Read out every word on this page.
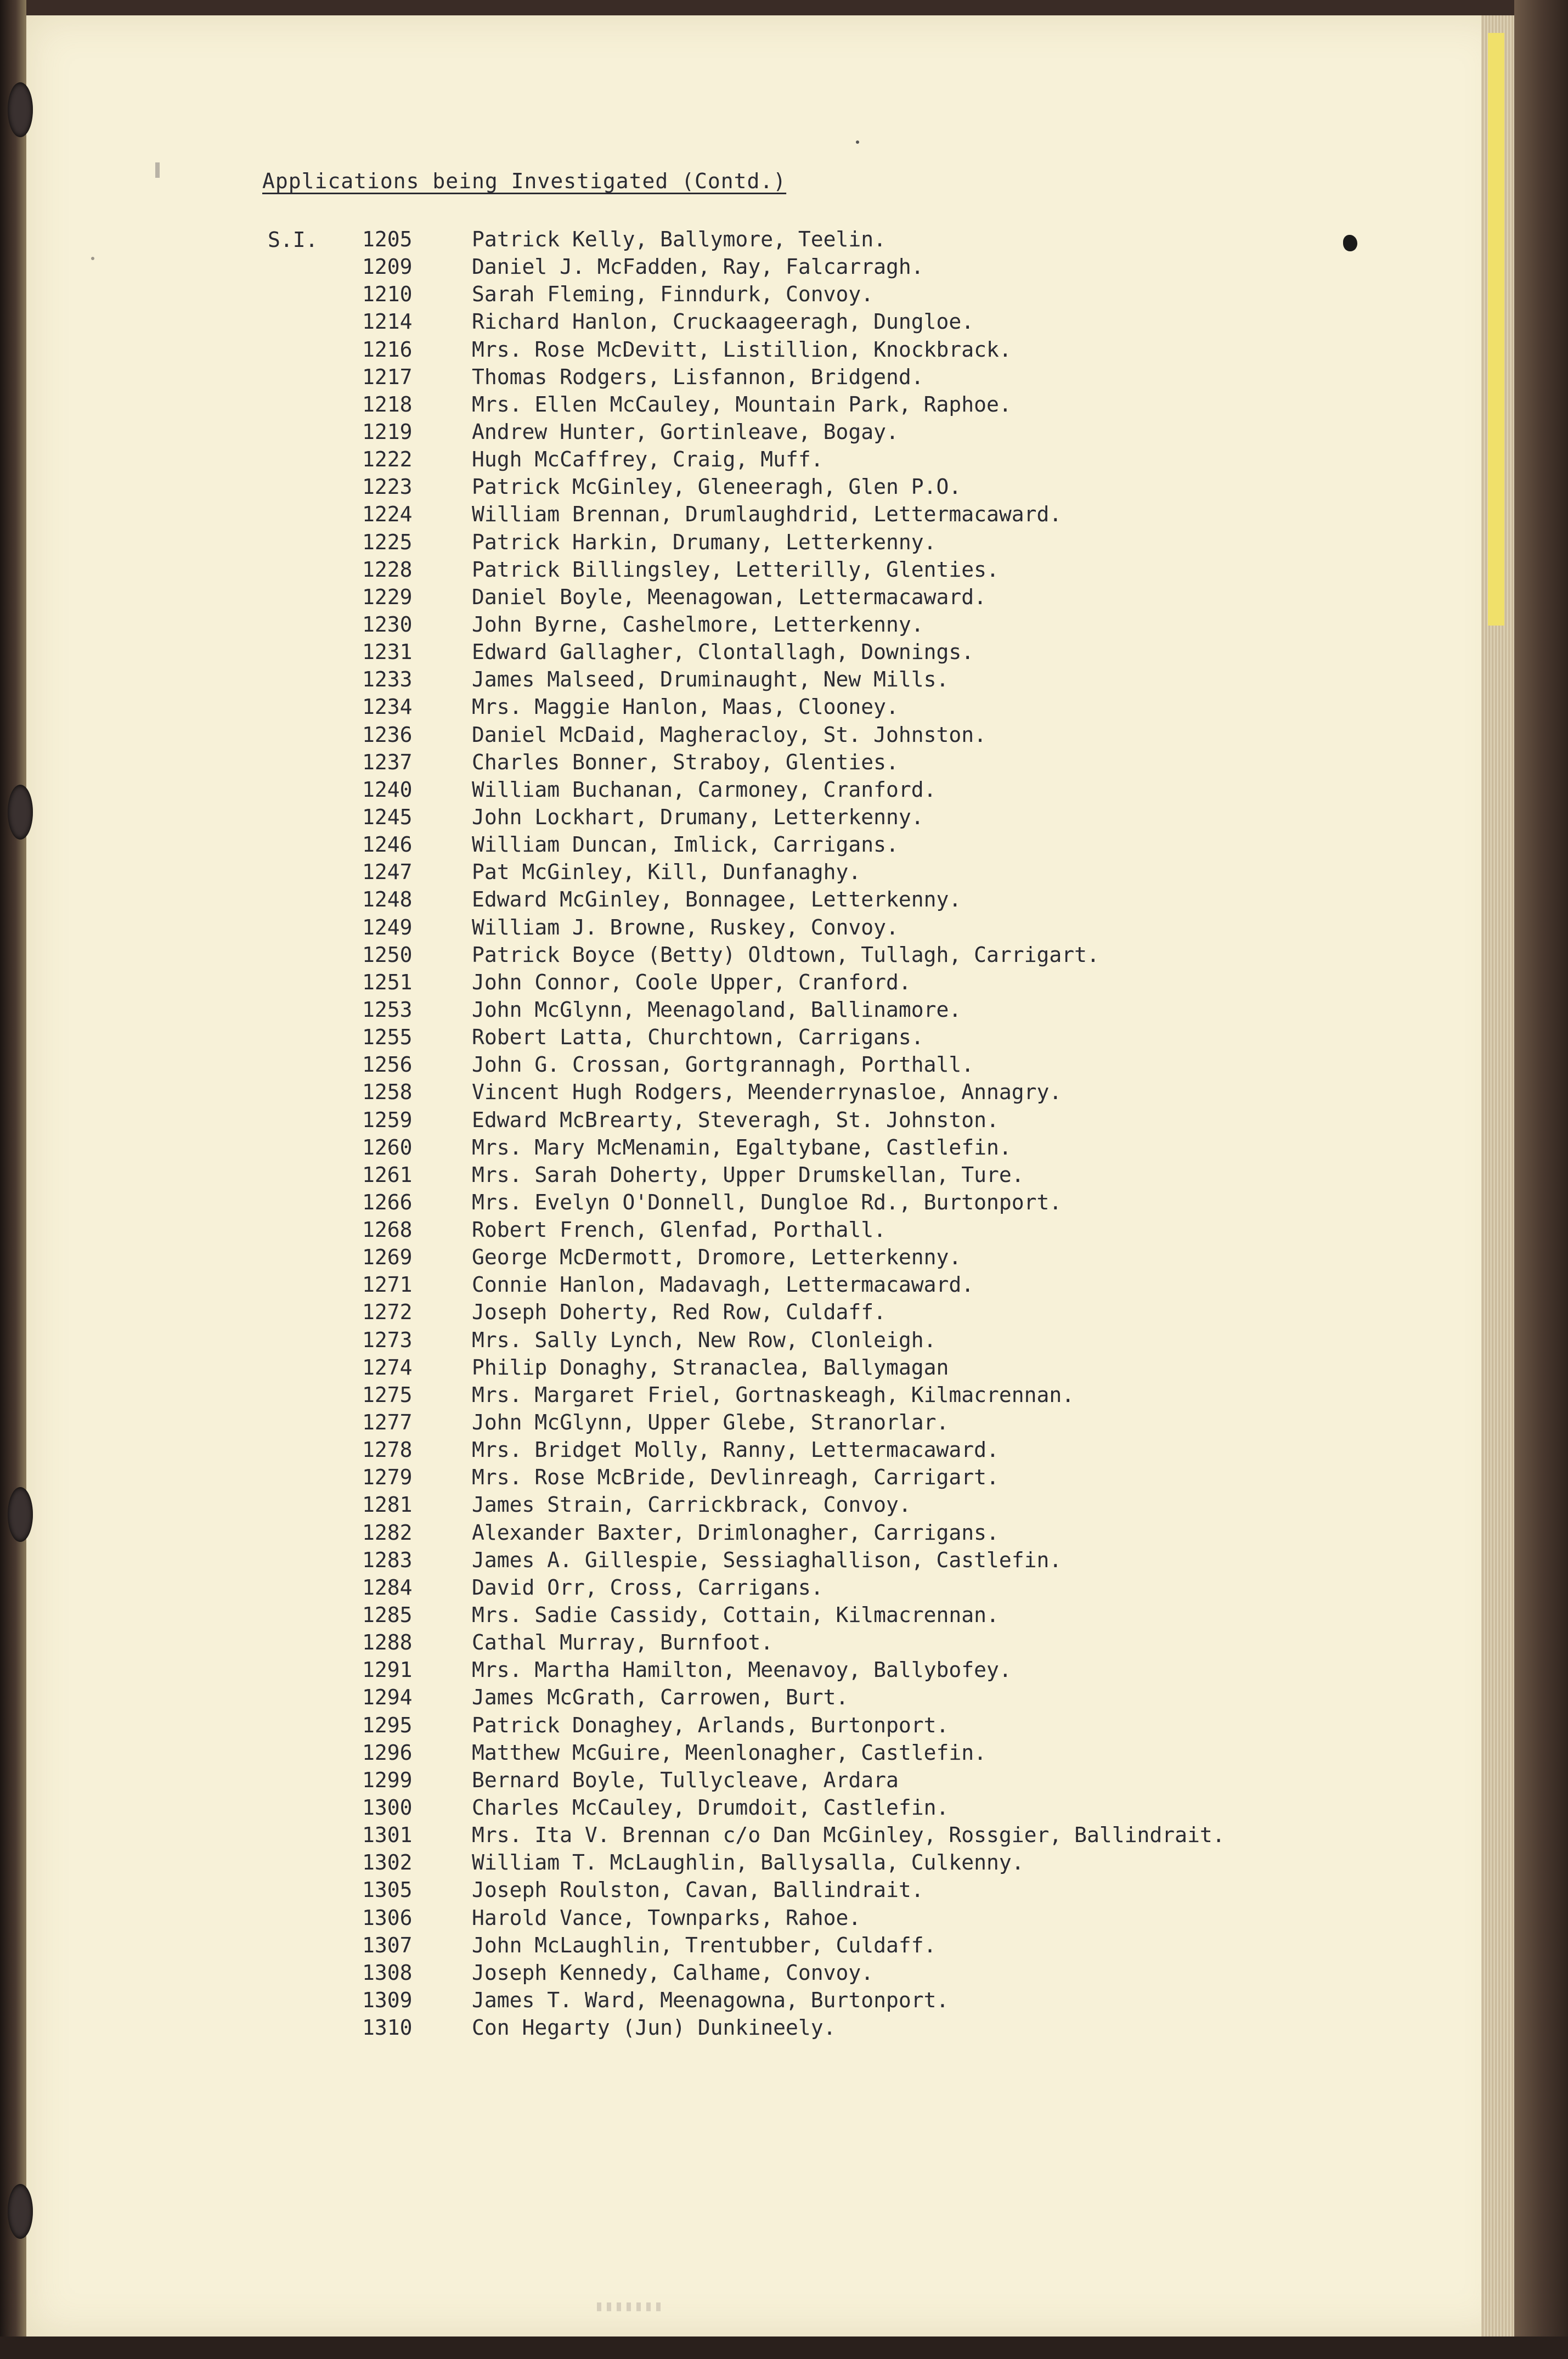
Applications being Investigated (Contd.)
S.I. 1205	Patrick Kelly, Ballymore, Teelin.
1209	Daniel J. McFadden, Ray, Falcarragh.
1210	Sarah Fleming, Finndurk, Convoy.
1214	Richard Hanlon, Cruckaageeragh, Dungloe.
1216	Mrs. Rose McDevitt, Listillion, Knockbrack.
1217	Thomas Rodgers, Lisfannon, Bridgend.
1218	Mrs. Ellen McCauley, Mountain Park, Raphoe.
1219	Andrew Hunter, Gortinleave, Bogay.
1222	Hugh McCaffrey, Craig, Muff.
1223	Patrick McGinley, Gleneeragh, Glen P.O.
1224	William Brennan, Drumlaughdrid, Lettermacaward.
1225	Patrick Harkin, Drumany, Letterkenny.
1228	Patrick Billingsley, Letterilly, Glenties.
1229	Daniel Boyle, Meenagowan, Lettermacaward.
1230	John Byrne, Cashelmore, Letterkenny.
1231	Edward Gallagher, Clontallagh, Downings.
1233	James Malseed, Druminaught, New Mills.
1234	Mrs. Maggie Hanlon, Maas, Clooney.
1236	Daniel McDaid, Magheracloy, St. Johnston.
1237	Charles Bonner, Straboy, Glenties.
1240	William Buchanan, Carmoney, Cranford.
1245	John Lockhart, Drumany, Letterkenny.
1246	William Duncan, Imlick, Carrigans.
1247	Pat McGinley, Kill, Dunfanaghy.
1248	Edward McGinley, Bonnagee, Letterkenny.
1249	William J. Browne, Ruskey, Convoy.
1250	Patrick Boyce (Betty) Oldtown, Tullagh, Carrigart.
1251	John Connor, Coole Upper, Cranford.
1253	John McGlynn, Meenagoland, Ballinamore.
1255	Robert Latta, Churchtown, Carrigans.
1256	John G. Crossan, Gortgrannagh, Porthall.
1258	Vincent Hugh Rodgers, Meenderrynasloe, Annagry.
1259	Edward McBrearty, Steveragh, St. Johnston.
1260	Mrs. Mary McMenamin, Egaltybane, Castlefin.
1261	Mrs. Sarah Doherty, Upper Drumskellan, Ture.
1266	Mrs. Evelyn O'Donnell, Dungloe Rd., Burtonport.
1268	Robert French, Glenfad, Porthall.
1269	George McDermott, Dromore, Letterkenny.
1271	Connie Hanlon, Madavagh, Lettermacaward.
1272	Joseph Doherty, Red Row, Culdaff.
1273	Mrs. Sally Lynch, New Row, Clonleigh.
1274	Philip Donaghy, Stranaclea, Ballymagan
1275	Mrs. Margaret Friel, Gortnaskeagh, Kilmacrennan.
1277	John McGlynn, Upper Glebe, Stranorlar.
1278	Mrs. Bridget Molly, Ranny, Lettermacaward.
1279	Mrs. Rose McBride, Devlinreagh, Carrigart.
1281	James Strain, Carrickbrack, Convoy.
1282	Alexander Baxter, Drimlonagher, Carrigans.
1283	James A. Gillespie, Sessiaghallison, Castlefin.
1284	David Orr, Cross, Carrigans.
1285	Mrs. Sadie Cassidy, Cottain, Kilmacrennan.
1288	Cathal Murray, Burnfoot.
1291	Mrs. Martha Hamilton, Meenavoy, Ballybofey.
1294	James McGrath, Carrowen, Burt.
1295	Patrick Donaghey, Arlands, Burtonport.
1296	Matthew McGuire, Meenlonagher, Castlefin.
1299	Bernard Boyle, Tullycleave, Ardara
1300	Charles McCauley, Drumdoit, Castlefin.
1301	Mrs. Ita V. Brennan c/o Dan McGinley, Rossgier, Ballindrait.
1302	William T. McLaughlin, Ballysalla, Culkenny.
1305	Joseph Roulston, Cavan, Ballindrait.
1306	Harold Vance, Townparks, Rahoe.
1307	John McLaughlin, Trentubber, Culdaff.
1308	Joseph Kennedy, Calhame, Convoy.
1309	James T. Ward, Meenagowna, Burtonport.
1310	Con Hegarty (Jun) Dunkineely.
